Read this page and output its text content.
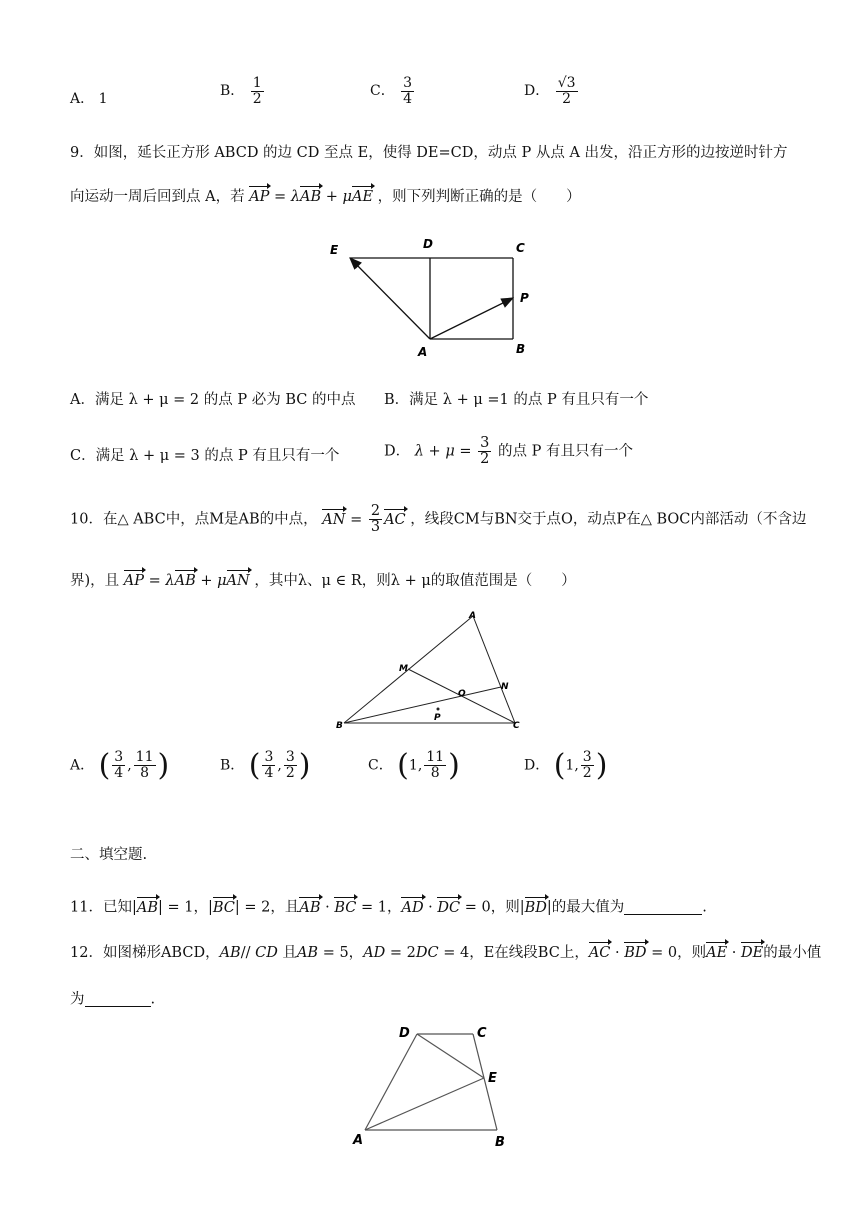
A． 1	B． $\frac{1}{2}$	C． $\frac{3}{4}$	D． $\frac{√3}{2}$
9．如图，延长正方形 ABCD 的边 CD 至点 E，使得 DE=CD，动点 P 从点 A 出发，沿正方形的边按逆时针方
向运动一周后回到点 A，若 AP = λAB + μAE ，则下列判断正确的是（　　）
E	D	C
P
A	B
A．满足 λ + μ = 2 的点 P 必为 BC 的中点 B．满足 λ + μ =1 的点 P 有且只有一个
C．满足 λ + μ = 3 的点 P 有且只有一个	D． $\lambda + \mu = \frac{3}{2}$ 的点 P 有且只有一个
10．在△ ABC中，点M是AB的中点， AN = $\frac{2}{3}$ AC ，线段CM与BN交于点O，动点P在△ BOC内部活动（不含边
界)，且 AP = λAB + μAN ，其中λ、μ ∈ R，则λ + μ的取值范围是（　　）
A
M
O
N
B
P
C
A． ( $\frac{3}{4}$ , $\frac{11}{8}$ )	B． ( $\frac{3}{4}$ , $\frac{3}{2}$ )	C． (1, $\frac{11}{8}$ )	D． (1, $\frac{3}{2}$ )
二、填空题.
11．已知|AB| = 1，|BC| = 2，且AB · BC = 1，AD · DC = 0，则|BD|的最大值为	.
12．如图梯形ABCD，AB// CD 且AB = 5，AD = 2DC = 4，E在线段BC上，AC · BD = 0，则AE · DE的最小值
为	.
D	C
E
A	B
